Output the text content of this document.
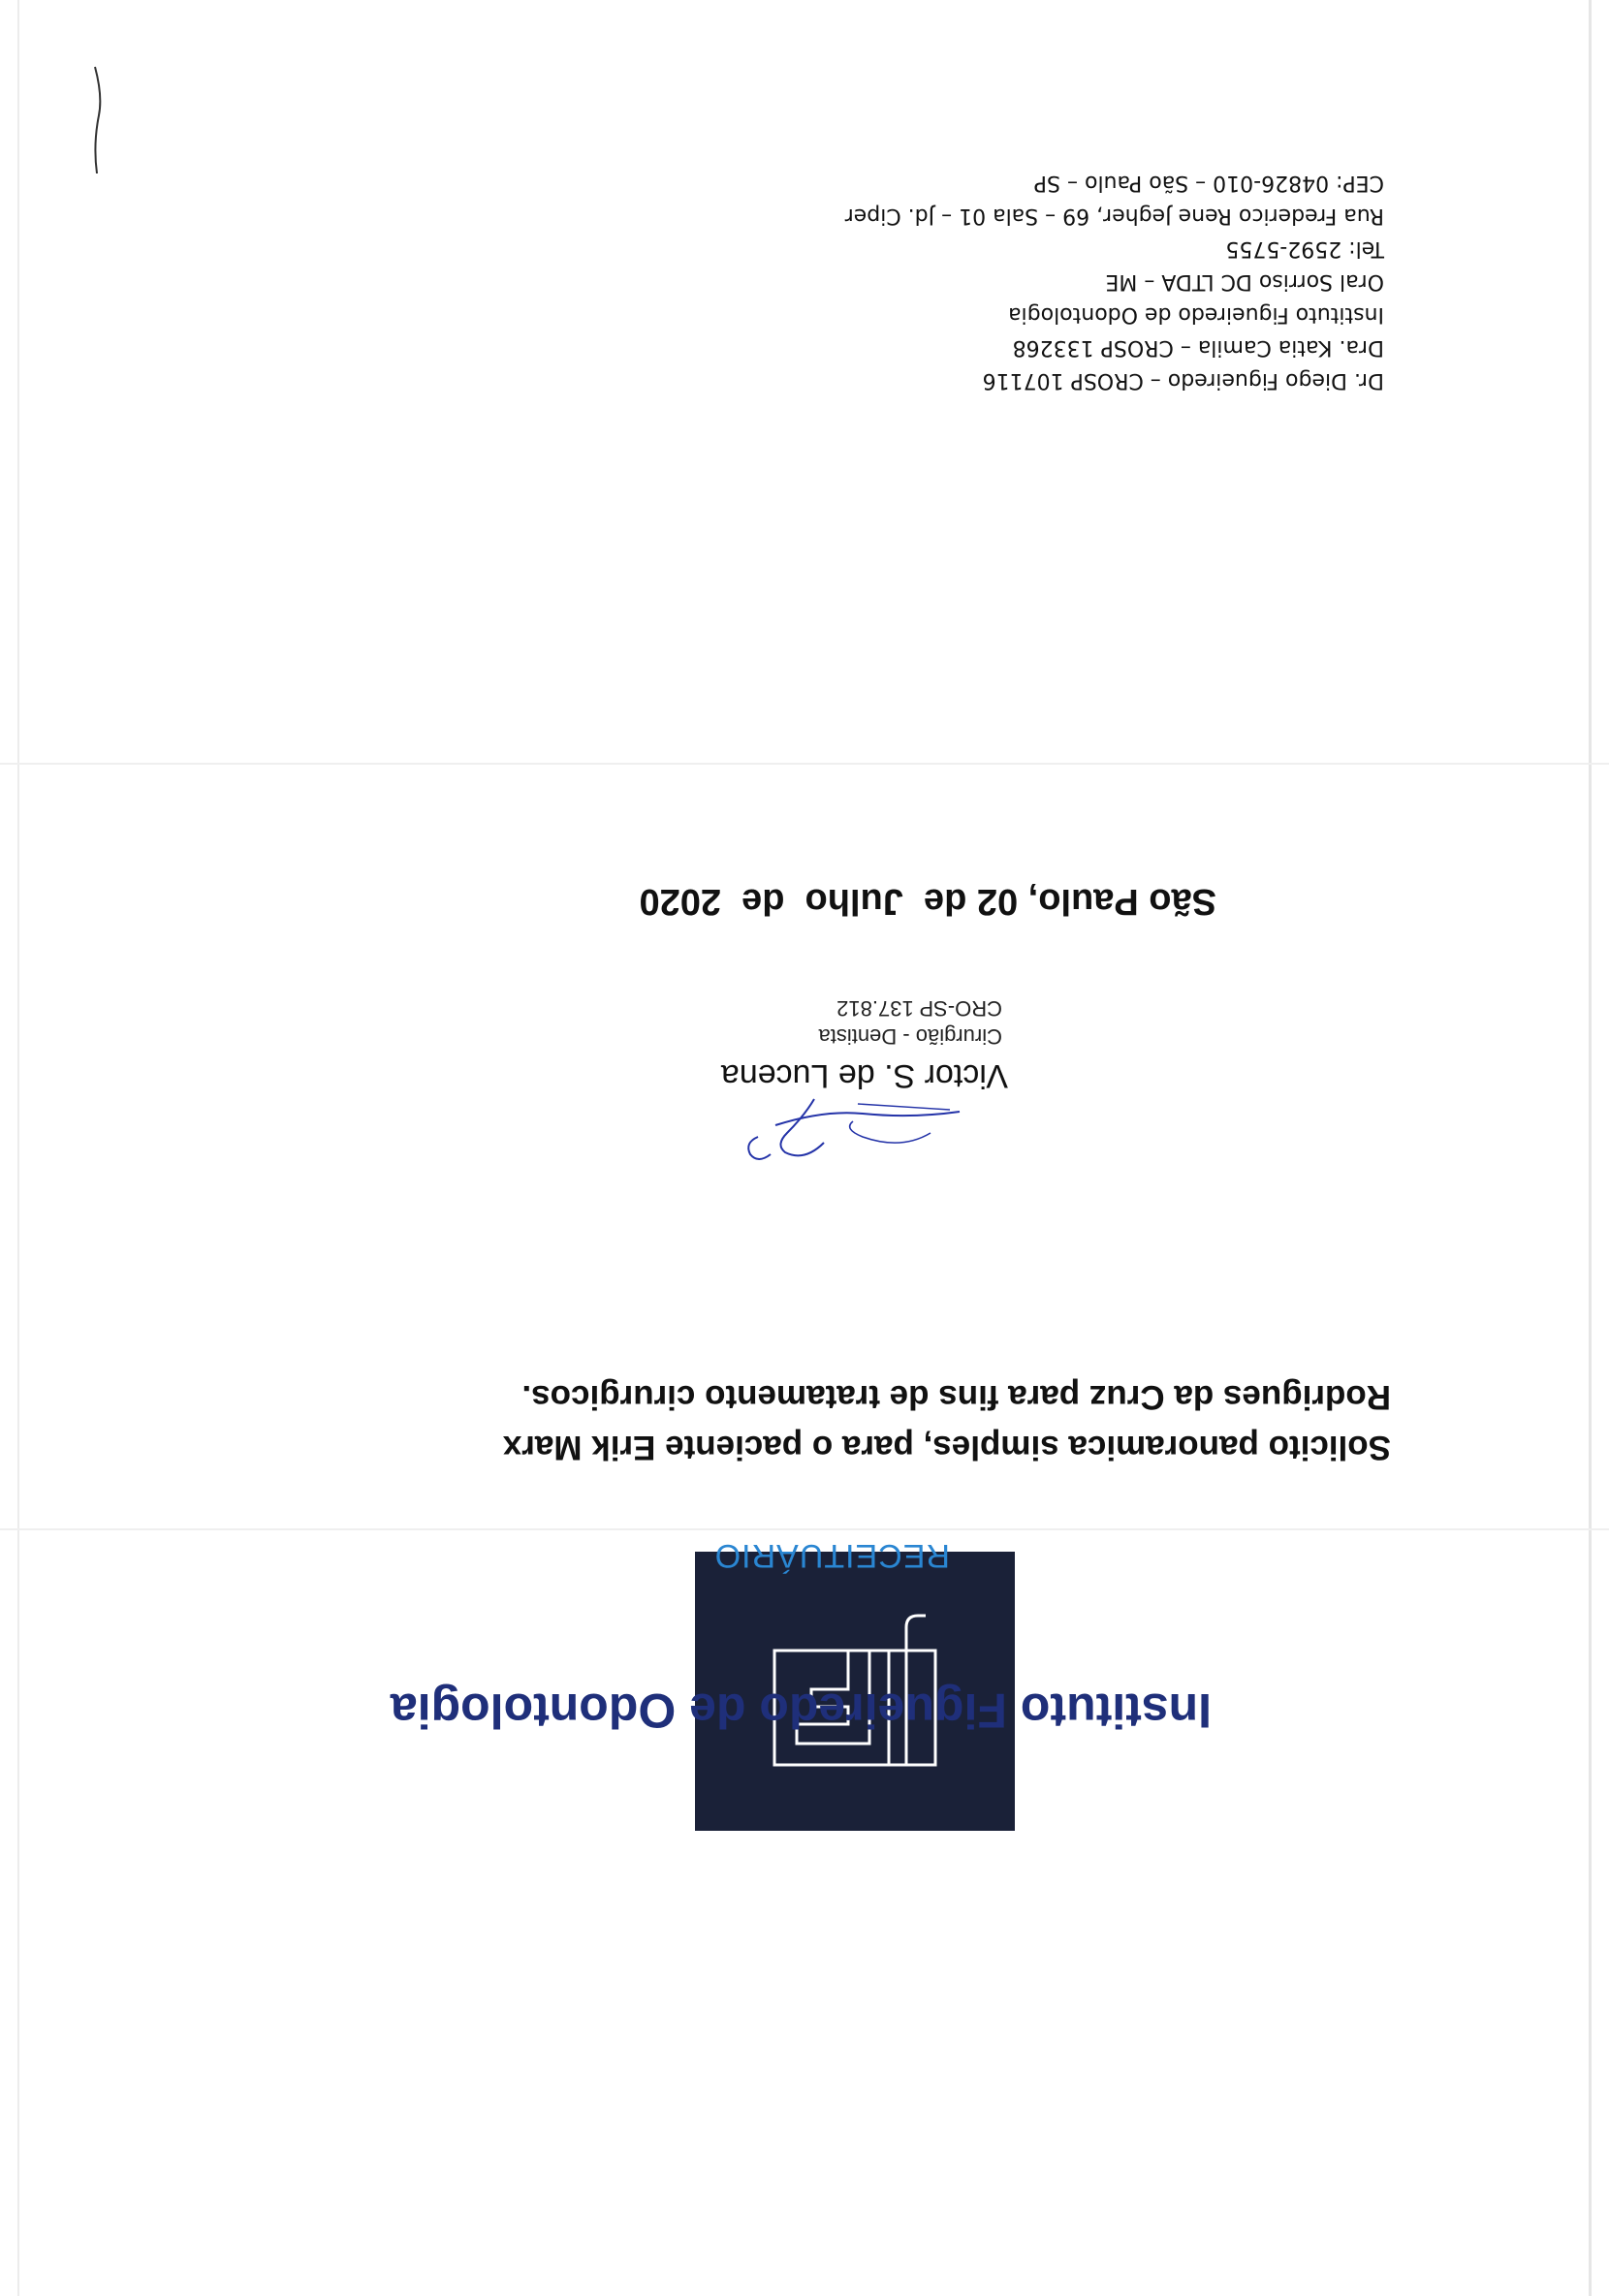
Instituto Figueiredo de Odontologia
RECEITUÁRIO
Solicito panoramica simples, para o paciente Erik Marx
Rodrigues da Cruz para fins de tratamento cirurgicos.
Victor S. de Lucena
Cirurgião - Dentista
CRO-SP 137.812
São Paulo, 02 de  Julho  de  2020
Dr. Diego Figueiredo – CROSP 107116
Dra. Katia Camila – CROSP 133268
Instituto Figueiredo de Odontologia
Oral Sorriso DC LTDA – ME
Tel: 2592-5755
Rua Frederico Rene Jegher, 69 – Sala 01 – Jd. Ciper
CEP: 04826-010 – São Paulo – SP
